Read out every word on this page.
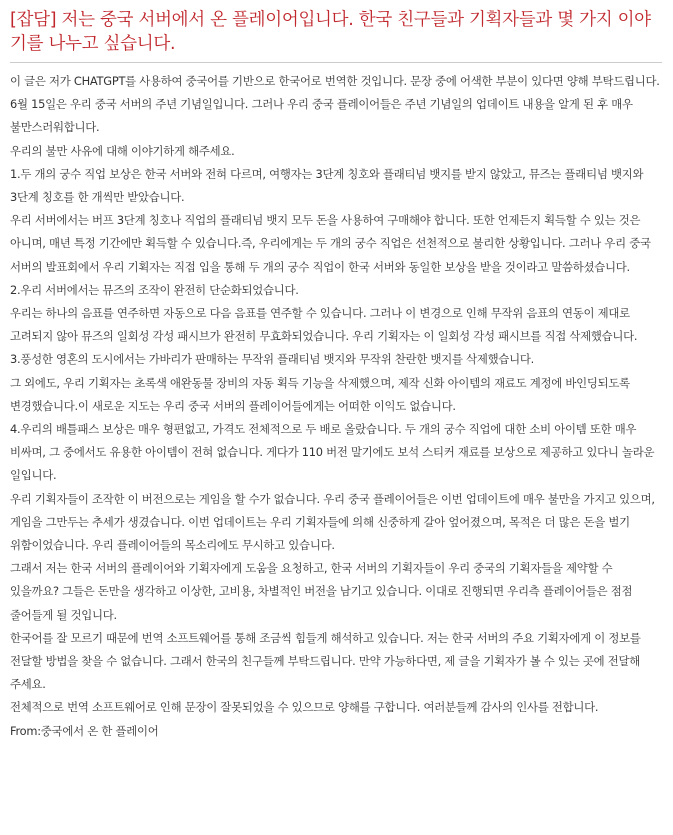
[잡담] 저는 중국 서버에서 온 플레이어입니다. 한국 친구들과 기획자들과 몇 가지 이야기를 나누고 싶습니다.

이 글은 저가 CHATGPT를 사용하여 중국어를 기반으로 한국어로 번역한 것입니다. 문장 중에 어색한 부분이 있다면 양해 부탁드립니다.

6월 15일은 우리 중국 서버의 주년 기념일입니다. 그러나 우리 중국 플레이어들은 주년 기념일의 업데이트 내용을 알게 된 후 매우 불만스러워합니다.

우리의 불만 사유에 대해 이야기하게 해주세요.

1.두 개의 궁수 직업 보상은 한국 서버와 전혀 다르며, 여행자는 3단계 칭호와 플래티넘 뱃지를 받지 않았고, 뮤즈는 플래티넘 뱃지와 3단계 칭호를 한 개씩만 받았습니다.

우리 서버에서는 버프 3단계 칭호나 직업의 플래티넘 뱃지 모두 돈을 사용하여 구매해야 합니다. 또한 언제든지 획득할 수 있는 것은 아니며, 매년 특정 기간에만 획득할 수 있습니다.즉, 우리에게는 두 개의 궁수 직업은 선천적으로 불리한 상황입니다. 그러나 우리 중국 서버의 발표회에서 우리 기획자는 직접 입을 통해 두 개의 궁수 직업이 한국 서버와 동일한 보상을 받을 것이라고 말씀하셨습니다.

2.우리 서버에서는 뮤즈의 조작이 완전히 단순화되었습니다.

우리는 하나의 음표를 연주하면 자동으로 다음 음표를 연주할 수 있습니다. 그러나 이 변경으로 인해 무작위 음표의 연동이 제대로 고려되지 않아 뮤즈의 일회성 각성 패시브가 완전히 무효화되었습니다. 우리 기획자는 이 일회성 각성 패시브를 직접 삭제했습니다.

3.풍성한 영혼의 도시에서는 가바리가 판매하는 무작위 플래티넘 뱃지와 무작위 찬란한 뱃지를 삭제했습니다.

그 외에도, 우리 기획자는 초록색 애완동물 장비의 자동 획득 기능을 삭제했으며, 제작 신화 아이템의 재료도 계정에 바인딩되도록 변경했습니다.이 새로운 지도는 우리 중국 서버의 플레이어들에게는 어떠한 이익도 없습니다.

4.우리의 배틀패스 보상은 매우 형편없고, 가격도 전체적으로 두 배로 올랐습니다. 두 개의 궁수 직업에 대한 소비 아이템 또한 매우 비싸며, 그 중에서도 유용한 아이템이 전혀 없습니다. 게다가 110 버전 말기에도 보석 스티커 재료를 보상으로 제공하고 있다니 놀라운 일입니다.

우리 기획자들이 조작한 이 버전으로는 게임을 할 수가 없습니다. 우리 중국 플레이어들은 이번 업데이트에 매우 불만을 가지고 있으며, 게임을 그만두는 추세가 생겼습니다. 이번 업데이트는 우리 기획자들에 의해 신중하게 갈아 엎어졌으며, 목적은 더 많은 돈을 벌기 위함이었습니다. 우리 플레이어들의 목소리에도 무시하고 있습니다.

그래서 저는 한국 서버의 플레이어와 기획자에게 도움을 요청하고, 한국 서버의 기획자들이 우리 중국의 기획자들을 제약할 수 있을까요? 그들은 돈만을 생각하고 이상한, 고비용, 차별적인 버전을 남기고 있습니다. 이대로 진행되면 우리측 플레이어들은 점점 줄어들게 될 것입니다.

한국어를 잘 모르기 때문에 번역 소프트웨어를 통해 조금씩 힘들게 해석하고 있습니다. 저는 한국 서버의 주요 기획자에게 이 정보를 전달할 방법을 찾을 수 없습니다. 그래서 한국의 친구들께 부탁드립니다. 만약 가능하다면, 제 글을 기획자가 볼 수 있는 곳에 전달해 주세요.

전체적으로 번역 소프트웨어로 인해 문장이 잘못되었을 수 있으므로 양해를 구합니다. 여러분들께 감사의 인사를 전합니다.

From:중국에서 온 한 플레이어
